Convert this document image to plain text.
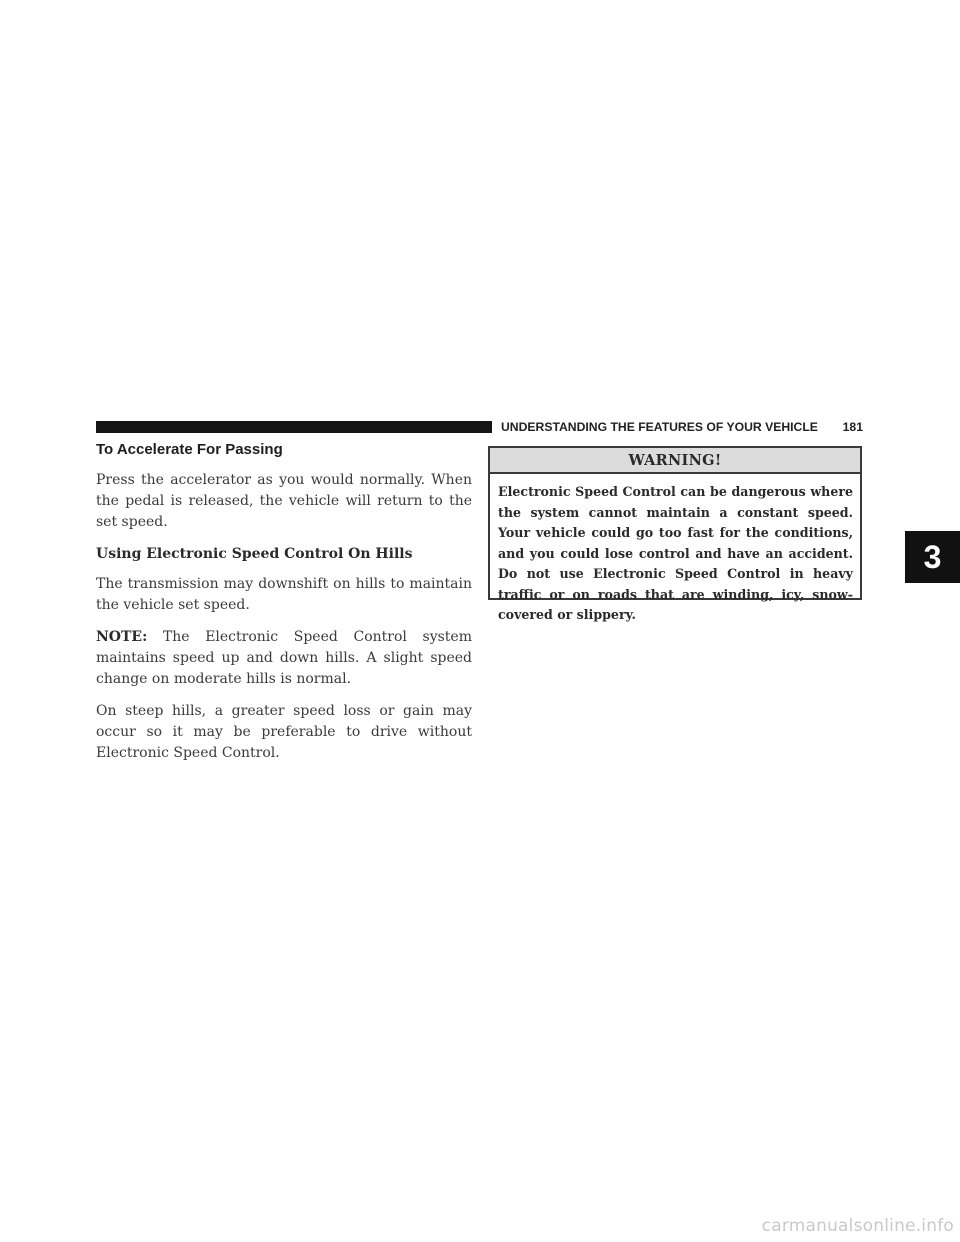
UNDERSTANDING THE FEATURES OF YOUR VEHICLE 181
To Accelerate For Passing

Press the accelerator as you would normally. When the pedal is released, the vehicle will return to the set speed.

Using Electronic Speed Control On Hills

The transmission may downshift on hills to maintain the vehicle set speed.

NOTE: The Electronic Speed Control system maintains speed up and down hills. A slight speed change on moderate hills is normal.

On steep hills, a greater speed loss or gain may occur so it may be preferable to drive without Electronic Speed Control.

WARNING!
Electronic Speed Control can be dangerous where the system cannot maintain a constant speed. Your vehicle could go too fast for the conditions, and you could lose control and have an accident. Do not use Electronic Speed Control in heavy traffic or on roads that are winding, icy, snow-covered or slippery.
3
carmanualsonline.info
